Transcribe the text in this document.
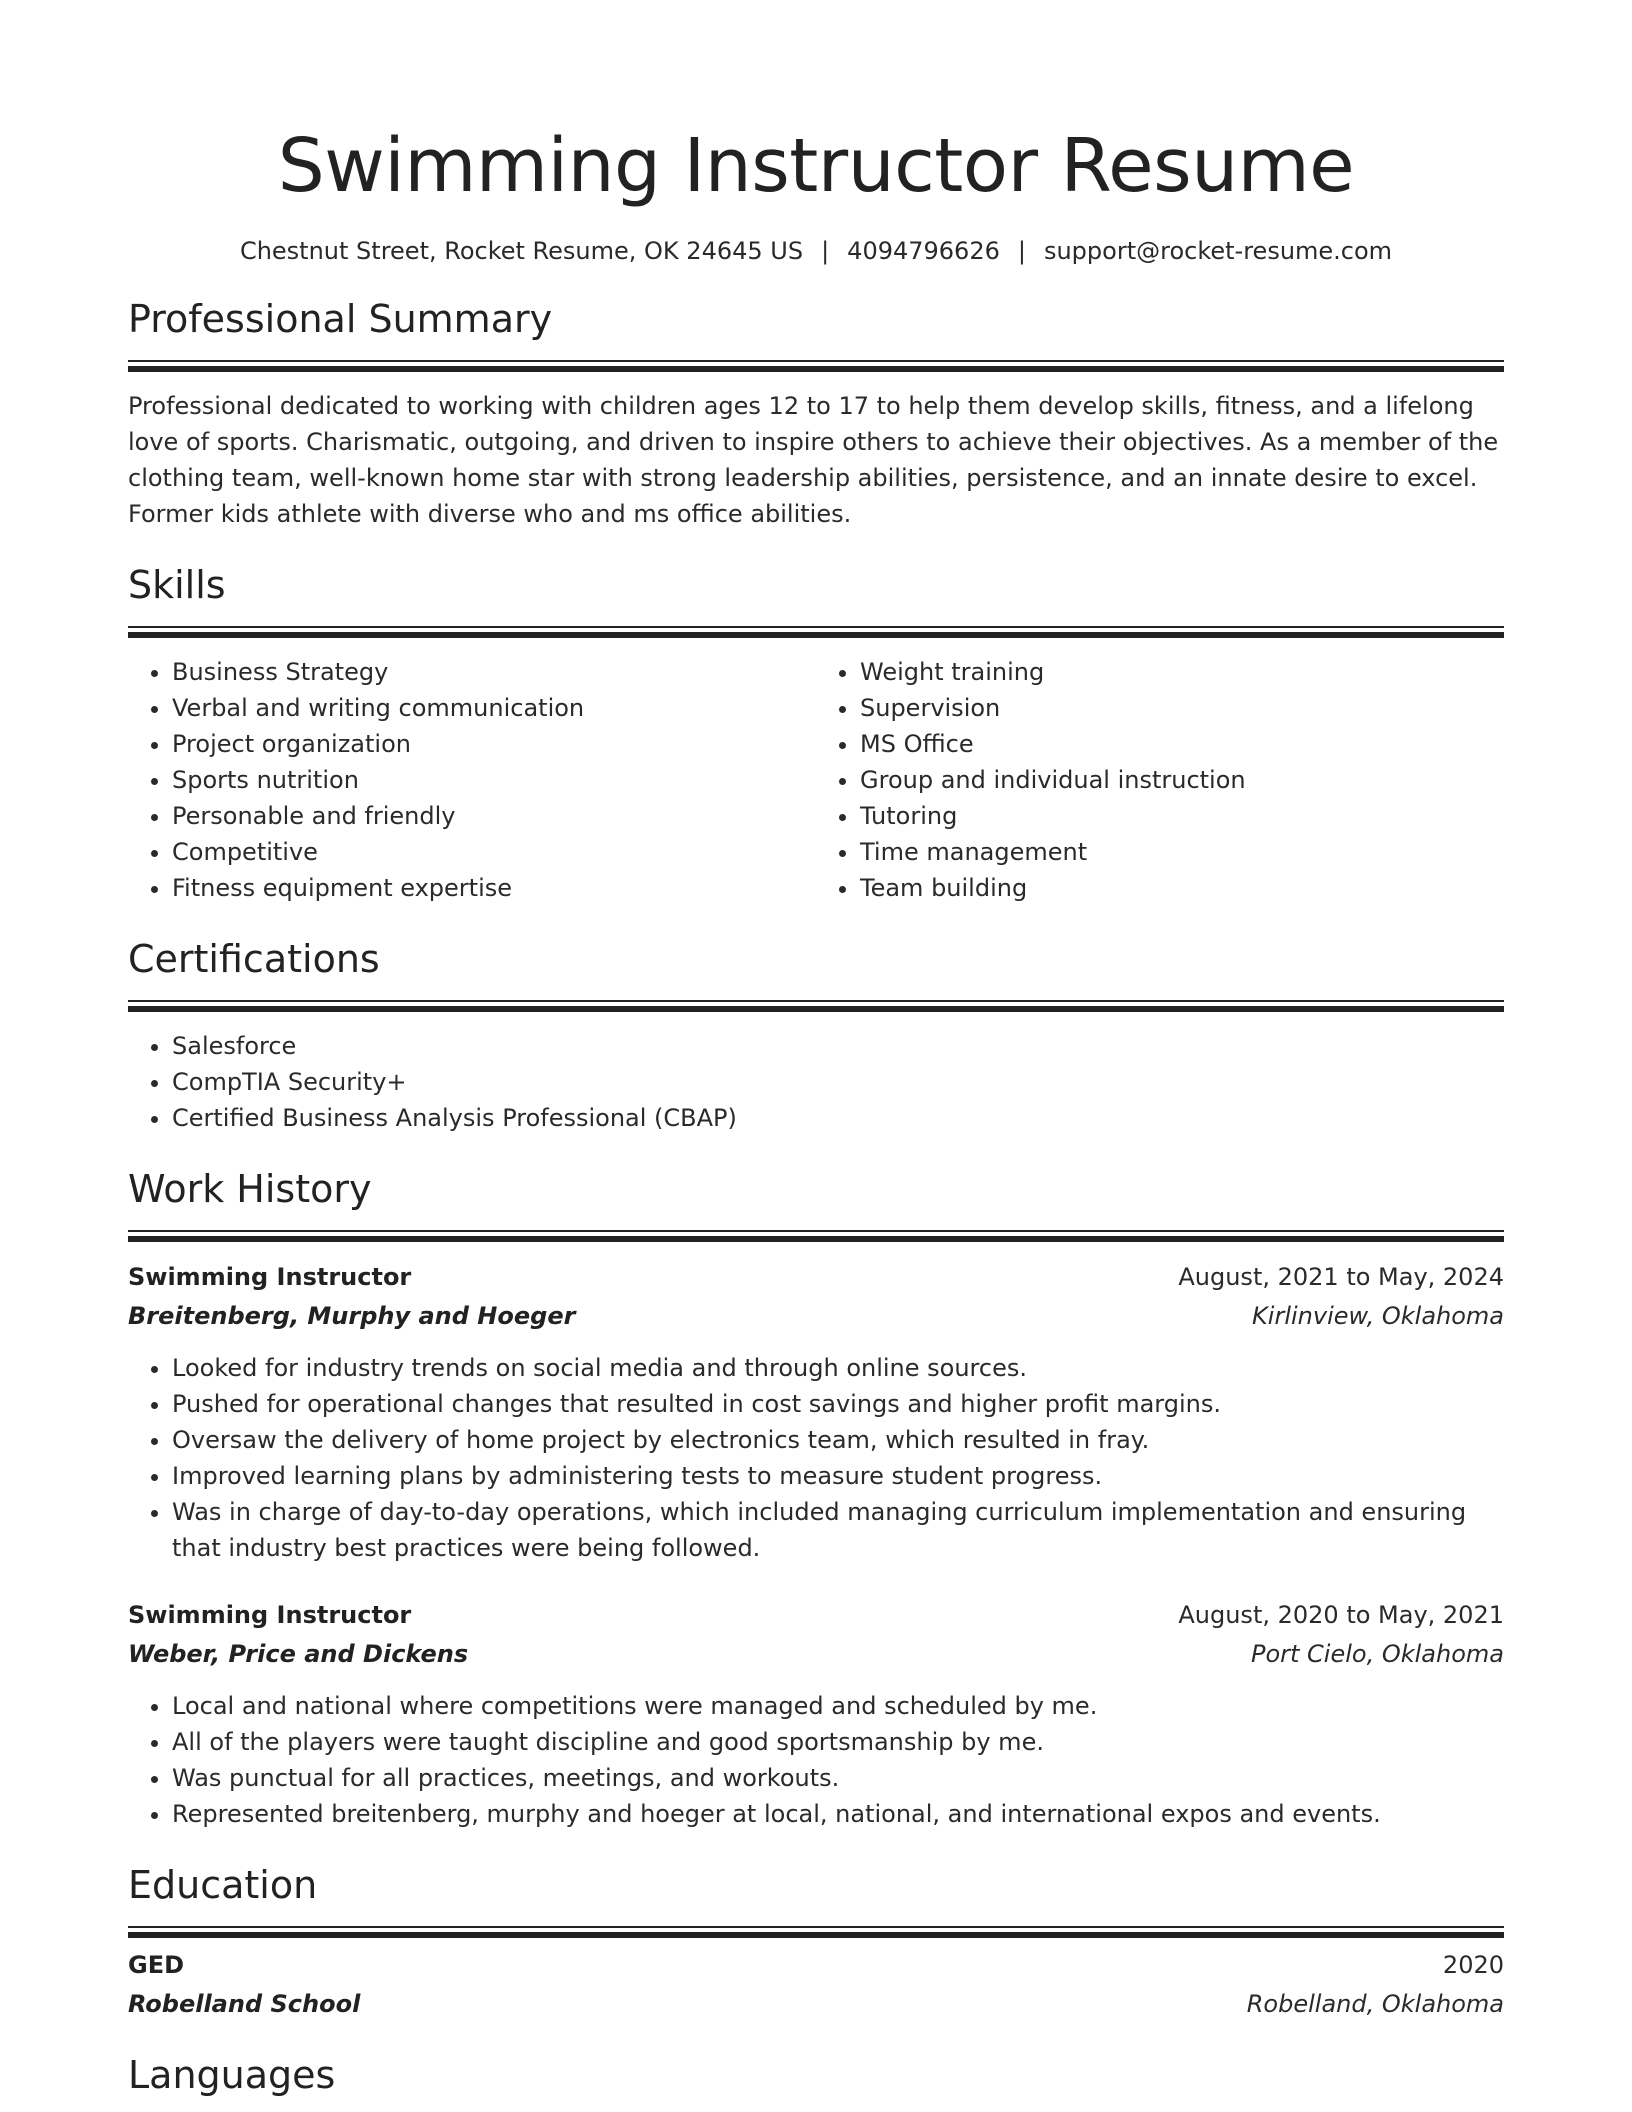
Swimming Instructor Resume
Chestnut Street, Rocket Resume, OK 24645 US | 4094796626 | support@rocket-resume.com
Professional Summary
Professional dedicated to working with children ages 12 to 17 to help them develop skills, fitness, and a lifelong love of sports. Charismatic, outgoing, and driven to inspire others to achieve their objectives. As a member of the clothing team, well-known home star with strong leadership abilities, persistence, and an innate desire to excel. Former kids athlete with diverse who and ms office abilities.
Skills
• Business Strategy
• Verbal and writing communication
• Project organization
• Sports nutrition
• Personable and friendly
• Competitive
• Fitness equipment expertise
• Weight training
• Supervision
• MS Office
• Group and individual instruction
• Tutoring
• Time management
• Team building
Certifications
• Salesforce
• CompTIA Security+
• Certified Business Analysis Professional (CBAP)
Work History
Swimming Instructor	August, 2021 to May, 2024
Breitenberg, Murphy and Hoeger	Kirlinview, Oklahoma
• Looked for industry trends on social media and through online sources.
• Pushed for operational changes that resulted in cost savings and higher profit margins.
• Oversaw the delivery of home project by electronics team, which resulted in fray.
• Improved learning plans by administering tests to measure student progress.
• Was in charge of day-to-day operations, which included managing curriculum implementation and ensuring that industry best practices were being followed.
Swimming Instructor	August, 2020 to May, 2021
Weber, Price and Dickens	Port Cielo, Oklahoma
• Local and national where competitions were managed and scheduled by me.
• All of the players were taught discipline and good sportsmanship by me.
• Was punctual for all practices, meetings, and workouts.
• Represented breitenberg, murphy and hoeger at local, national, and international expos and events.
Education
GED	2020
Robelland School	Robelland, Oklahoma
Languages
